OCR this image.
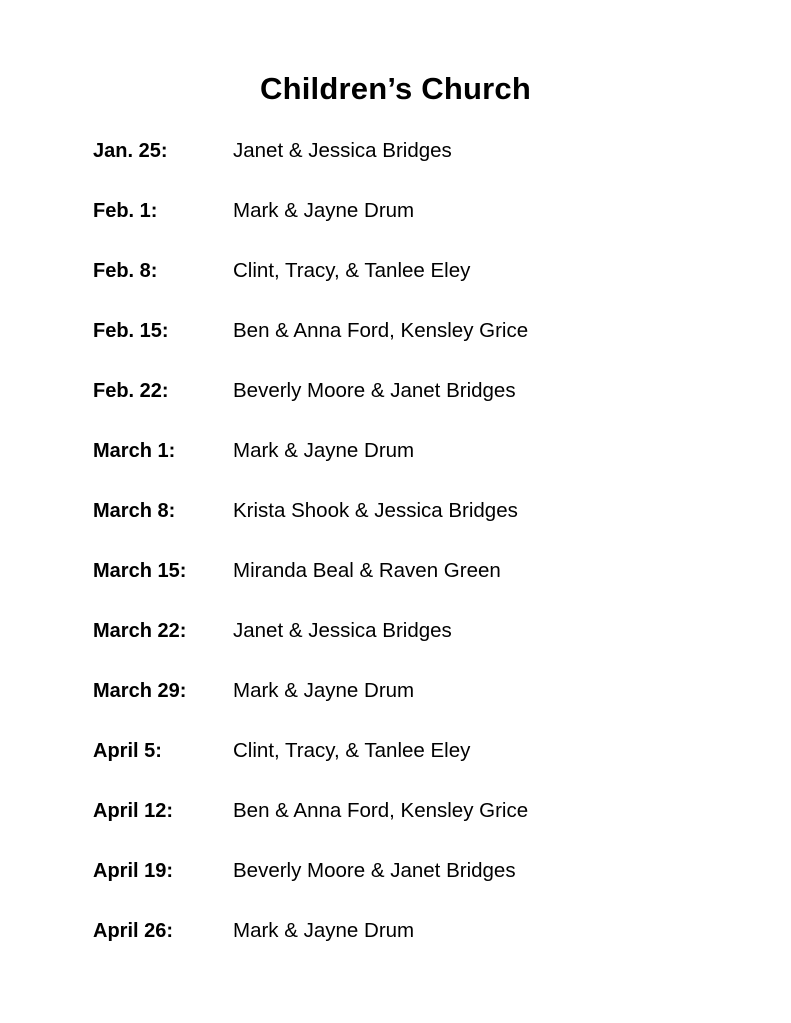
Children’s Church
Jan. 25:	Janet & Jessica Bridges
Feb. 1:	Mark & Jayne Drum
Feb. 8:	Clint, Tracy, & Tanlee Eley
Feb. 15:	Ben & Anna Ford, Kensley Grice
Feb. 22:	Beverly Moore & Janet Bridges
March 1:	Mark & Jayne Drum
March 8:	Krista Shook & Jessica Bridges
March 15:	Miranda Beal & Raven Green
March 22:	Janet & Jessica Bridges
March 29:	Mark & Jayne Drum
April 5:	Clint, Tracy, & Tanlee Eley
April 12:	Ben & Anna Ford, Kensley Grice
April 19:	Beverly Moore & Janet Bridges
April 26:	Mark & Jayne Drum
